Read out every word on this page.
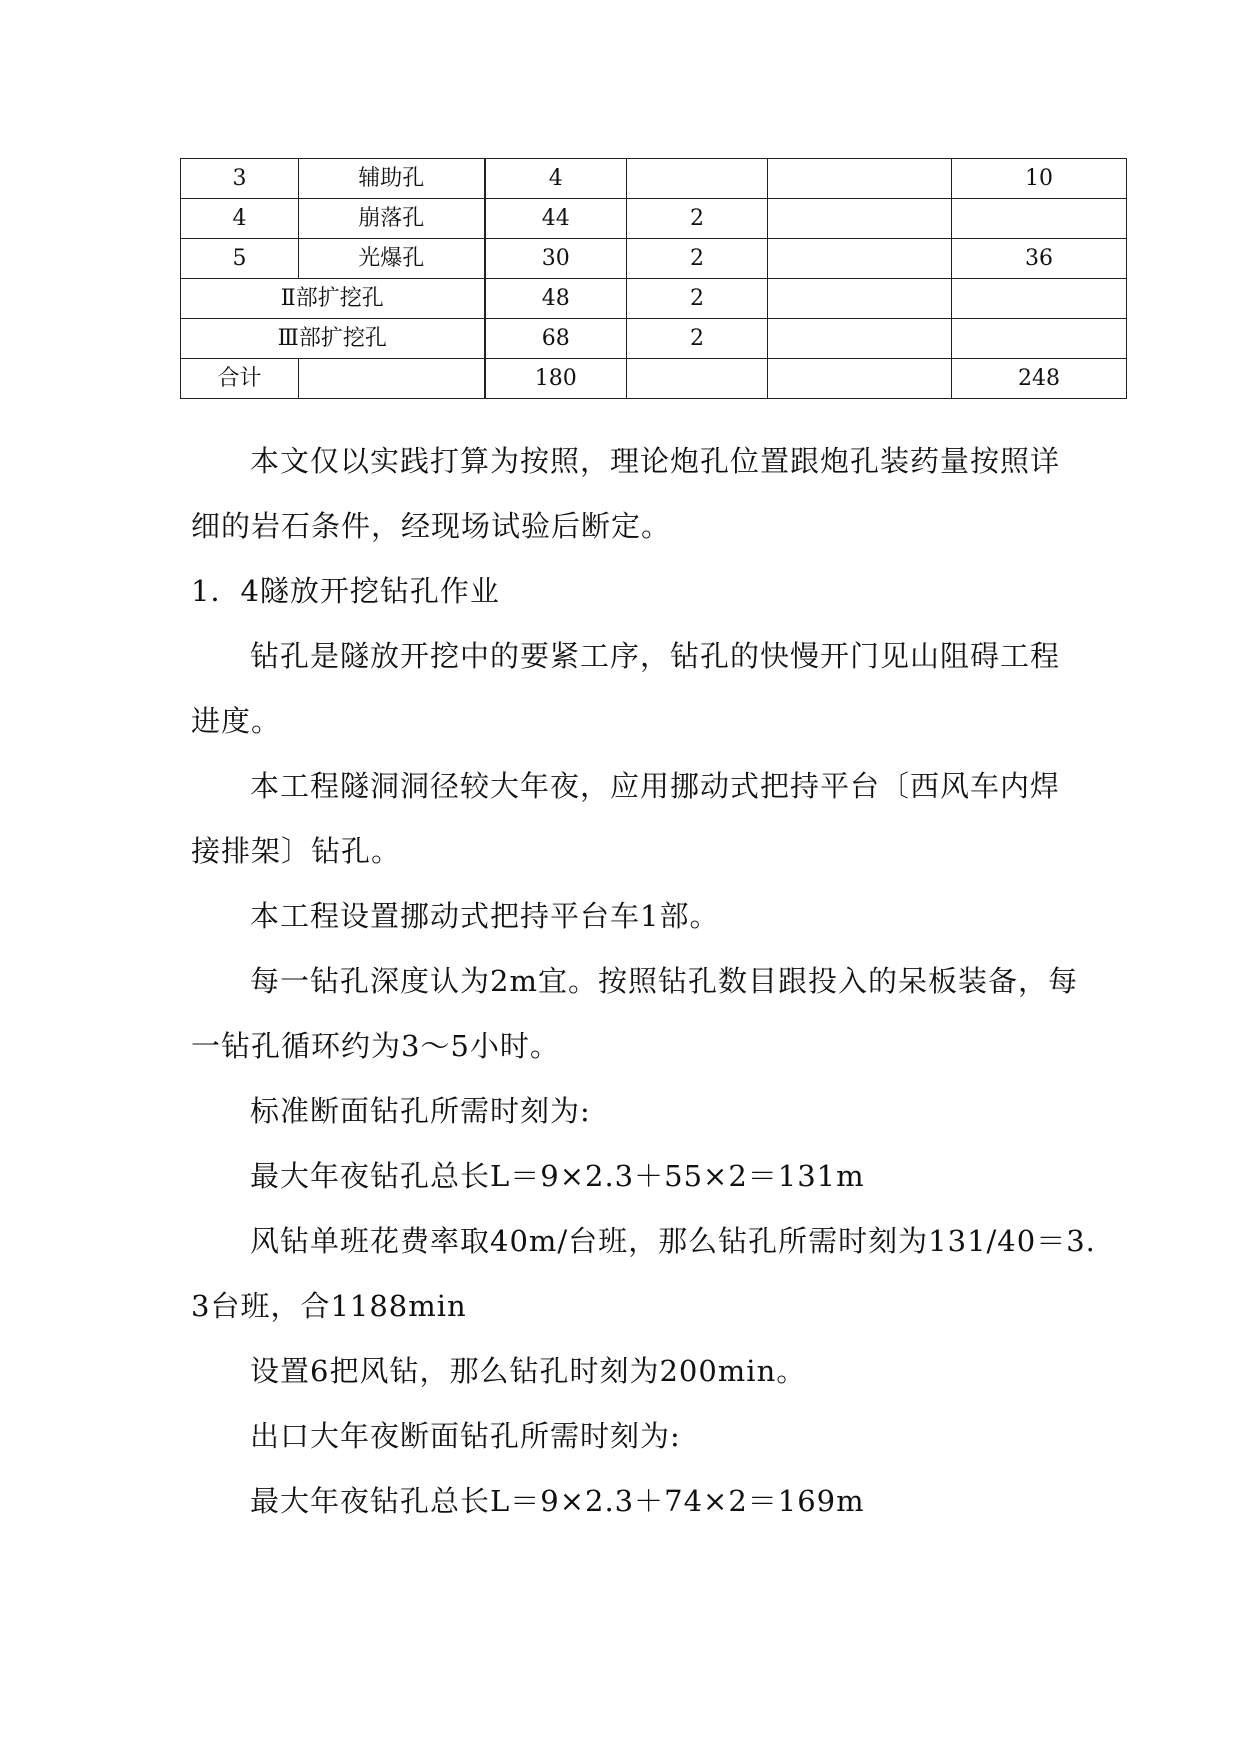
3	辅助孔	4			10
4	崩落孔	44	2		
5	光爆孔	30	2		36
Ⅱ部扩挖孔		48	2		
Ⅲ部扩挖孔		68	2		
合计		180			248

本文仅以实践打算为按照，理论炮孔位置跟炮孔装药量按照详

细的岩石条件，经现场试验后断定。

1．4隧放开挖钻孔作业

钻孔是隧放开挖中的要紧工序，钻孔的快慢开门见山阻碍工程

进度。

本工程隧洞洞径较大年夜，应用挪动式把持平台〔西风车内焊

接排架〕钻孔。

本工程设置挪动式把持平台车1部。

每一钻孔深度认为2m宜。按照钻孔数目跟投入的呆板装备，每

一钻孔循环约为3～5小时。

标准断面钻孔所需时刻为:

最大年夜钻孔总长L＝9×2.3＋55×2＝131m

风钻单班花费率取40m/台班，那么钻孔所需时刻为131/40＝3.

3台班，合1188min

设置6把风钻，那么钻孔时刻为200min。

出口大年夜断面钻孔所需时刻为:

最大年夜钻孔总长L＝9×2.3＋74×2＝169m
